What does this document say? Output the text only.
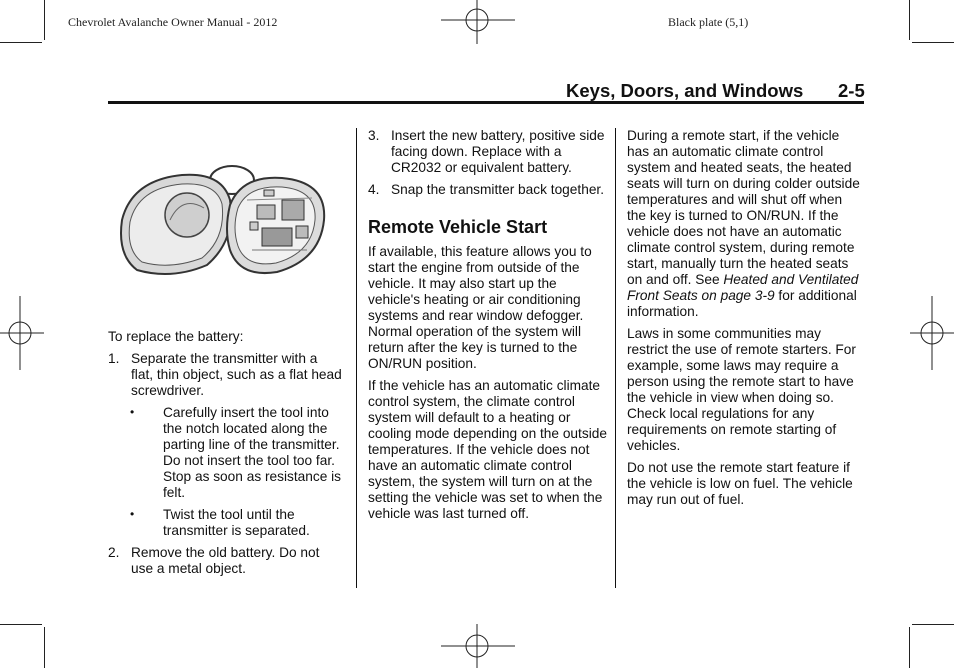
Chevrolet Avalanche Owner Manual - 2012	Black plate (5,1)
Keys, Doors, and Windows 2-5

To replace the battery:

1. Separate the transmitter with a flat, thin object, such as a flat head screwdriver.
• Carefully insert the tool into the notch located along the parting line of the transmitter. Do not insert the tool too far. Stop as soon as resistance is felt.
• Twist the tool until the transmitter is separated.
2. Remove the old battery. Do not use a metal object.
3. Insert the new battery, positive side facing down. Replace with a CR2032 or equivalent battery.
4. Snap the transmitter back together.
Remote Vehicle Start

If available, this feature allows you to start the engine from outside of the vehicle. It may also start up the vehicle's heating or air conditioning systems and rear window defogger. Normal operation of the system will return after the key is turned to the ON/RUN position.

If the vehicle has an automatic climate control system, the climate control system will default to a heating or cooling mode depending on the outside temperatures. If the vehicle does not have an automatic climate control system, the system will turn on at the setting the vehicle was set to when the vehicle was last turned off.

During a remote start, if the vehicle has an automatic climate control system and heated seats, the heated seats will turn on during colder outside temperatures and will shut off when the key is turned to ON/RUN. If the vehicle does not have an automatic climate control system, during remote start, manually turn the heated seats on and off. See Heated and Ventilated Front Seats on page 3-9 for additional information.

Laws in some communities may restrict the use of remote starters. For example, some laws may require a person using the remote start to have the vehicle in view when doing so. Check local regulations for any requirements on remote starting of vehicles.

Do not use the remote start feature if the vehicle is low on fuel. The vehicle may run out of fuel.
